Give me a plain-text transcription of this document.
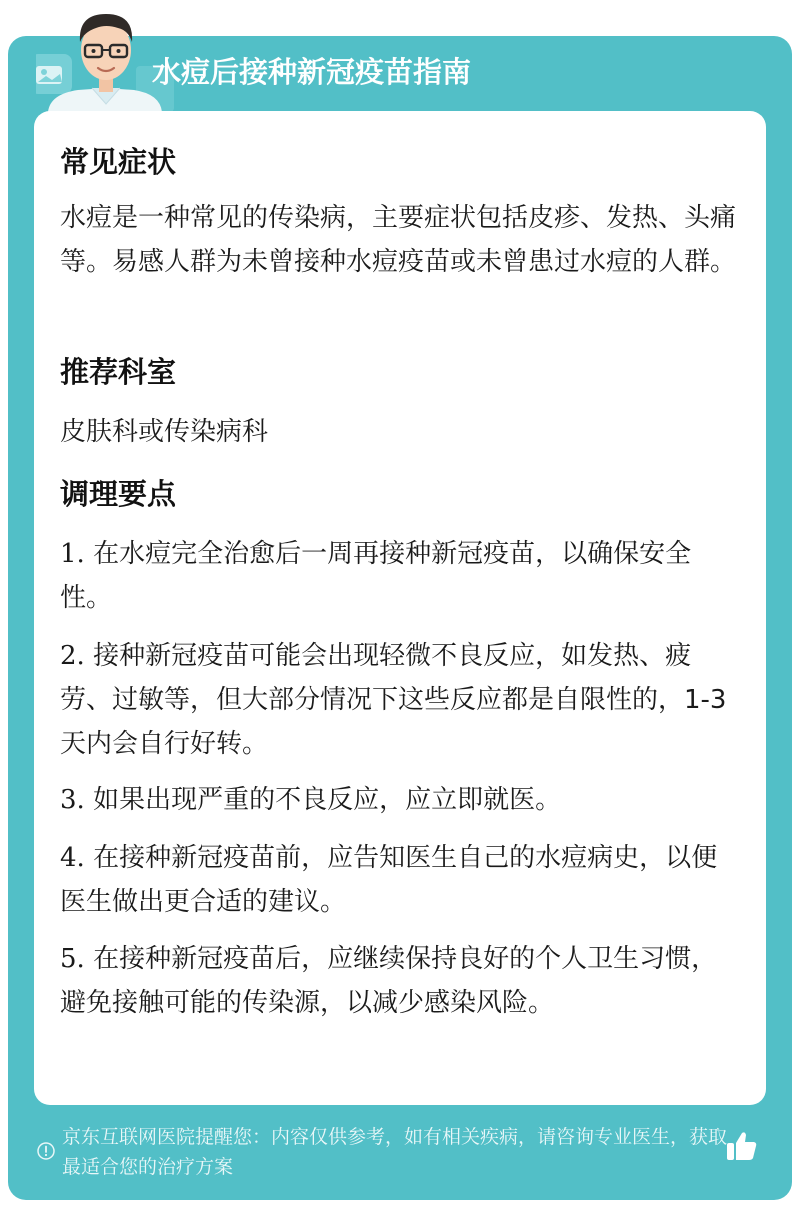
水痘后接种新冠疫苗指南
常见症状
水痘是一种常见的传染病，主要症状包括皮疹、发热、头痛等。易感人群为未曾接种水痘疫苗或未曾患过水痘的人群。
推荐科室
皮肤科或传染病科
调理要点
1. 在水痘完全治愈后一周再接种新冠疫苗，以确保安全性。
2. 接种新冠疫苗可能会出现轻微不良反应，如发热、疲劳、过敏等，但大部分情况下这些反应都是自限性的，1-3天内会自行好转。
3. 如果出现严重的不良反应，应立即就医。
4. 在接种新冠疫苗前，应告知医生自己的水痘病史，以便医生做出更合适的建议。
5. 在接种新冠疫苗后，应继续保持良好的个人卫生习惯，避免接触可能的传染源，以减少感染风险。
京东互联网医院提醒您：内容仅供参考，如有相关疾病，请咨询专业医生，获取最适合您的治疗方案
